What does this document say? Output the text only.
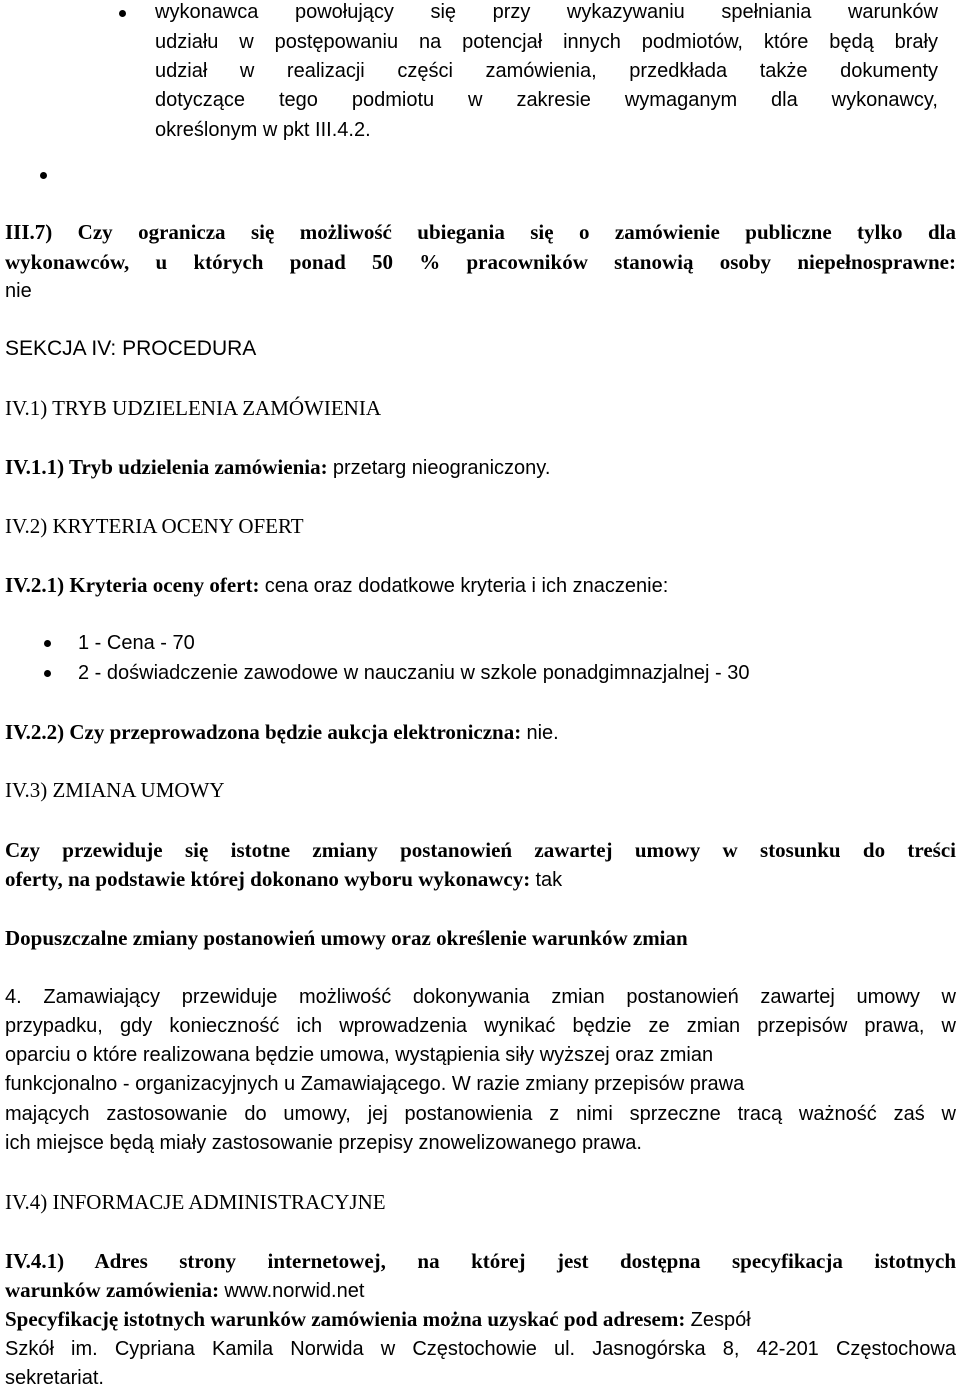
wykonawca powołujący się przy wykazywaniu spełniania warunków
udziału w postępowaniu na potencjał innych podmiotów, które będą brały
udział w realizacji części zamówienia, przedkłada także dokumenty
dotyczące tego podmiotu w zakresie wymaganym dla wykonawcy,
określonym w pkt III.4.2.
III.7) Czy ogranicza się możliwość ubiegania się o zamówienie publiczne tylko dla
wykonawców, u których ponad 50 % pracowników stanowią osoby niepełnosprawne:
nie
SEKCJA IV: PROCEDURA
IV.1) TRYB UDZIELENIA ZAMÓWIENIA
IV.1.1) Tryb udzielenia zamówienia: przetarg nieograniczony.
IV.2) KRYTERIA OCENY OFERT
IV.2.1) Kryteria oceny ofert: cena oraz dodatkowe kryteria i ich znaczenie:
1 - Cena - 70
2 - doświadczenie zawodowe w nauczaniu w szkole ponadgimnazjalnej - 30
IV.2.2) Czy przeprowadzona będzie aukcja elektroniczna: nie.
IV.3) ZMIANA UMOWY
Czy przewiduje się istotne zmiany postanowień zawartej umowy w stosunku do treści
oferty, na podstawie której dokonano wyboru wykonawcy: tak
Dopuszczalne zmiany postanowień umowy oraz określenie warunków zmian
4. Zamawiający przewiduje możliwość dokonywania zmian postanowień zawartej umowy w
przypadku, gdy konieczność ich wprowadzenia wynikać będzie ze zmian przepisów prawa, w
oparciu o które realizowana będzie umowa, wystąpienia siły wyższej oraz zmian
funkcjonalno - organizacyjnych u Zamawiającego. W razie zmiany przepisów prawa
mających zastosowanie do umowy, jej postanowienia z nimi sprzeczne tracą ważność zaś w
ich miejsce będą miały zastosowanie przepisy znowelizowanego prawa.
IV.4) INFORMACJE ADMINISTRACYJNE
IV.4.1) Adres strony internetowej, na której jest dostępna specyfikacja istotnych
warunków zamówienia: www.norwid.net
Specyfikację istotnych warunków zamówienia można uzyskać pod adresem: Zespół
Szkół im. Cypriana Kamila Norwida w Częstochowie ul. Jasnogórska 8, 42-201 Częstochowa
sekretariat.
